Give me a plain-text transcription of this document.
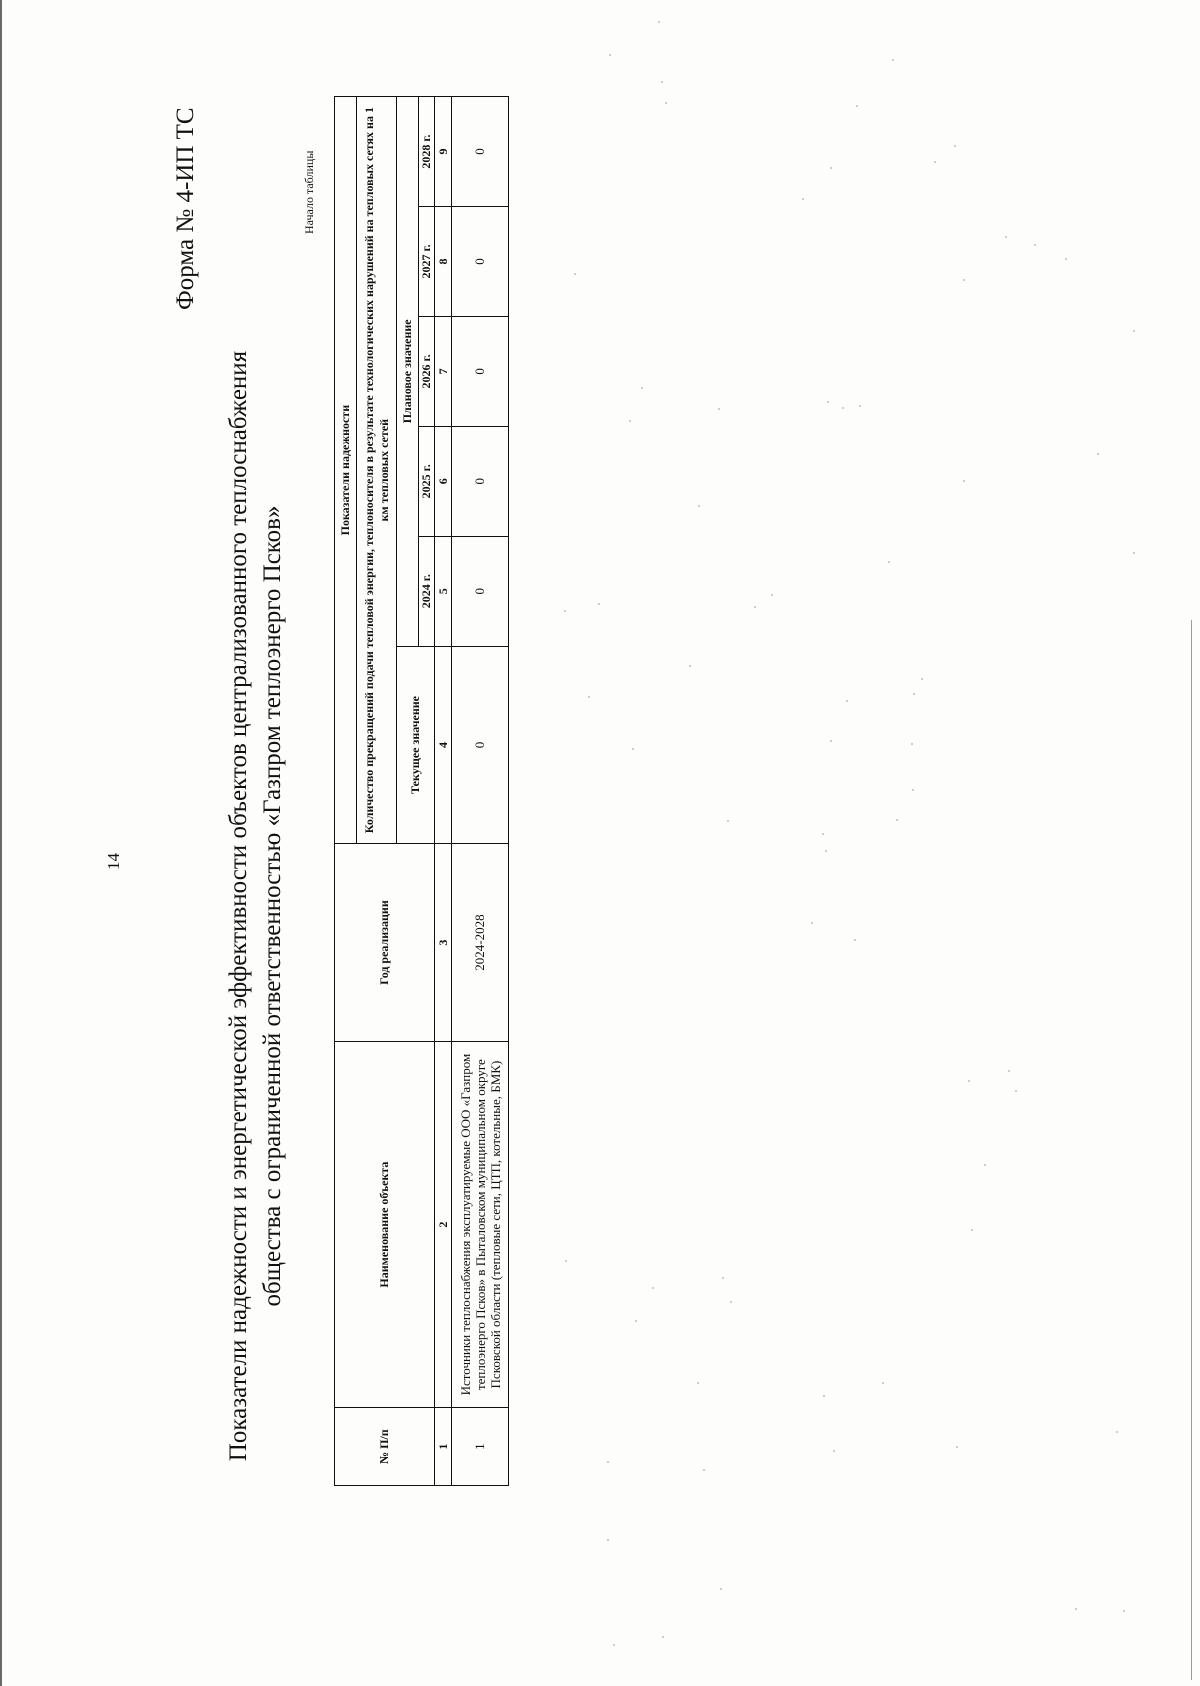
14
Форма № 4-ИП ТС
Показатели надежности и энергетической эффективности объектов централизованного теплоснабжения общества с ограниченной ответственностью «Газпром теплоэнерго Псков»
Начало таблицы
№ П/п	Наименование объекта	Год реализации	Показатели надежности					
			Количество прекращений подачи тепловой энергии, теплоносителя в результате технологических нарушений на тепловых сетях на 1 км тепловых сетей					
			Текущее значение	Плановое значение				
				2024 г.	2025 г.	2026 г.	2027 г.	2028 г.
1	2	3	4	5	6	7	8	9
1	Источники теплоснабжения эксплуатируемые ООО «Газпром теплоэнерго Псков» в Пыталовском муниципальном округе Псковской области (тепловые сети, ЦТП, котельные, БМК)	2024-2028	0	0	0	0	0	0
